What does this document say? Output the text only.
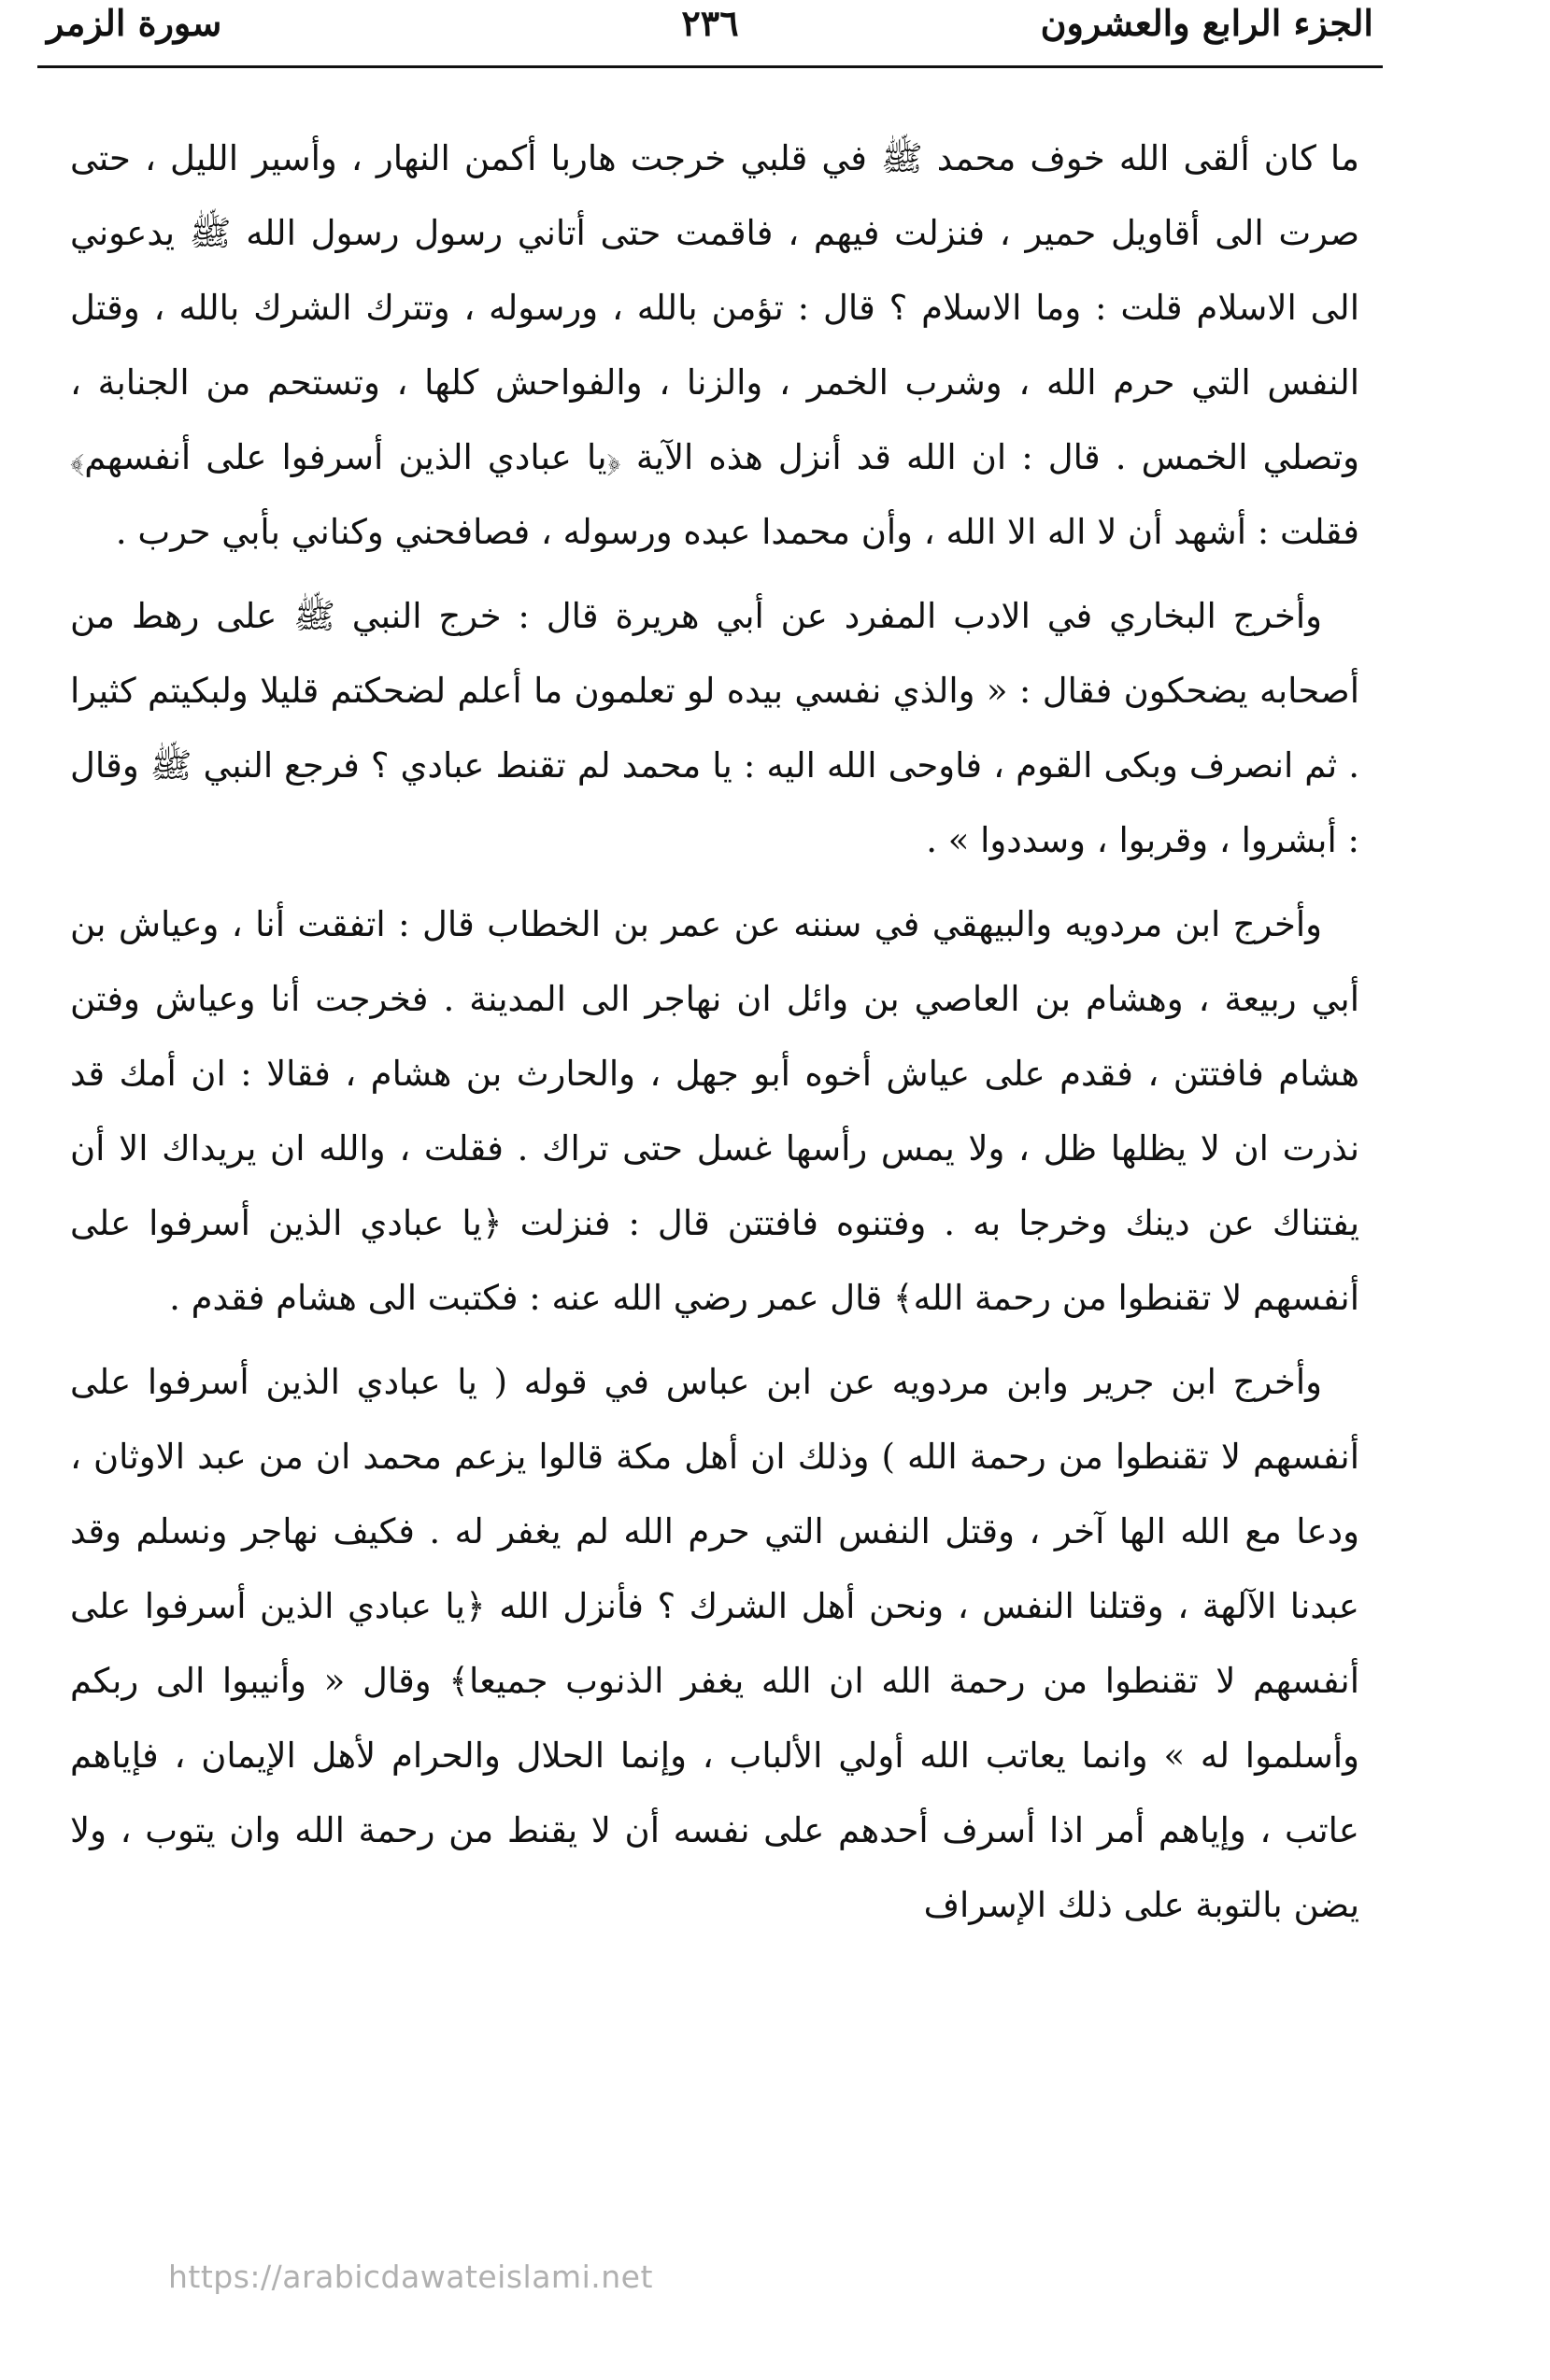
الجزء الرابع والعشرون
٢٣٦
سورة الزمر

ما كان ألقى الله خوف محمد ﷺ في قلبي خرجت هاربا أكمن النهار ، وأسير الليل ، حتى صرت الى أقاويل حمير ، فنزلت فيهم ، فاقمت حتى أتاني رسول رسول الله ﷺ يدعوني الى الاسلام قلت : وما الاسلام ؟ قال : تؤمن بالله ، ورسوله ، وتترك الشرك بالله ، وقتل النفس التي حرم الله ، وشرب الخمر ، والزنا ، والفواحش كلها ، وتستحم من الجنابة ، وتصلي الخمس . قال : ان الله قد أنزل هذه الآية ﴿يا عبادي الذين أسرفوا على أنفسهم﴾ فقلت : أشهد أن لا اله الا الله ، وأن محمدا عبده ورسوله ، فصافحني وكناني بأبي حرب .

وأخرج البخاري في الادب المفرد عن أبي هريرة قال : خرج النبي ﷺ على رهط من أصحابه يضحكون فقال : « والذي نفسي بيده لو تعلمون ما أعلم لضحكتم قليلا ولبكيتم كثيرا . ثم انصرف وبكى القوم ، فاوحى الله اليه : يا محمد لم تقنط عبادي ؟ فرجع النبي ﷺ وقال : أبشروا ، وقربوا ، وسددوا » .

وأخرج ابن مردويه والبيهقي في سننه عن عمر بن الخطاب قال : اتفقت أنا ، وعياش بن أبي ربيعة ، وهشام بن العاصي بن وائل ان نهاجر الى المدينة . فخرجت أنا وعياش وفتن هشام فافتتن ، فقدم على عياش أخوه أبو جهل ، والحارث بن هشام ، فقالا : ان أمك قد نذرت ان لا يظلها ظل ، ولا يمس رأسها غسل حتى تراك . فقلت ، والله ان يريداك الا أن يفتناك عن دينك وخرجا به . وفتنوه فافتتن قال : فنزلت ﴿يا عبادي الذين أسرفوا على أنفسهم لا تقنطوا من رحمة الله﴾ قال عمر رضي الله عنه : فكتبت الى هشام فقدم .

وأخرج ابن جرير وابن مردويه عن ابن عباس في قوله ( يا عبادي الذين أسرفوا على أنفسهم لا تقنطوا من رحمة الله ) وذلك ان أهل مكة قالوا يزعم محمد ان من عبد الاوثان ، ودعا مع الله الها آخر ، وقتل النفس التي حرم الله لم يغفر له . فكيف نهاجر ونسلم وقد عبدنا الآلهة ، وقتلنا النفس ، ونحن أهل الشرك ؟ فأنزل الله ﴿يا عبادي الذين أسرفوا على أنفسهم لا تقنطوا من رحمة الله ان الله يغفر الذنوب جميعا﴾ وقال « وأنيبوا الى ربكم وأسلموا له » وانما يعاتب الله أولي الألباب ، وإنما الحلال والحرام لأهل الإيمان ، فإياهم عاتب ، وإياهم أمر اذا أسرف أحدهم على نفسه أن لا يقنط من رحمة الله وان يتوب ، ولا يضن بالتوبة على ذلك الإسراف

https://arabicdawateislami.net
